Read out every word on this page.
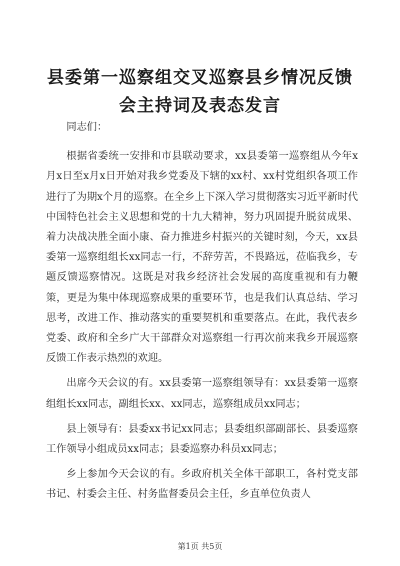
县委第一巡察组交叉巡察县乡情况反馈会主持词及表态发言

同志们：

根据省委统一安排和市县联动要求，xx县委第一巡察组从今年x月x日至x月x日开始对我乡党委及下辖的xx村、xx村党组织各项工作进行了为期x个月的巡察。在全乡上下深入学习贯彻落实习近平新时代中国特色社会主义思想和党的十九大精神，努力巩固提升脱贫成果、着力决战决胜全面小康、奋力推进乡村振兴的关键时刻，今天，xx县委第一巡察组组长xx同志一行，不辞劳苦，不畏路远，莅临我乡，专题反馈巡察情况。这既是对我乡经济社会发展的高度重视和有力鞭策，更是为集中体现巡察成果的重要环节，也是我们认真总结、学习思考，改进工作、推动落实的重要契机和重要落点。在此，我代表乡党委、政府和全乡广大干部群众对巡察组一行再次前来我乡开展巡察反馈工作表示热烈的欢迎。

出席今天会议的有。xx县委第一巡察组领导有：xx县委第一巡察组组长xx同志，副组长xx、xx同志，巡察组成员xx同志；

县上领导有：县委xx书记xx同志；县委组织部副部长、县委巡察工作领导小组成员xx同志；县委巡察办科员xx同志；

乡上参加今天会议的有。乡政府机关全体干部职工，各村党支部书记、村委会主任、村务监督委员会主任，乡直单位负责人

第1页 共5页
